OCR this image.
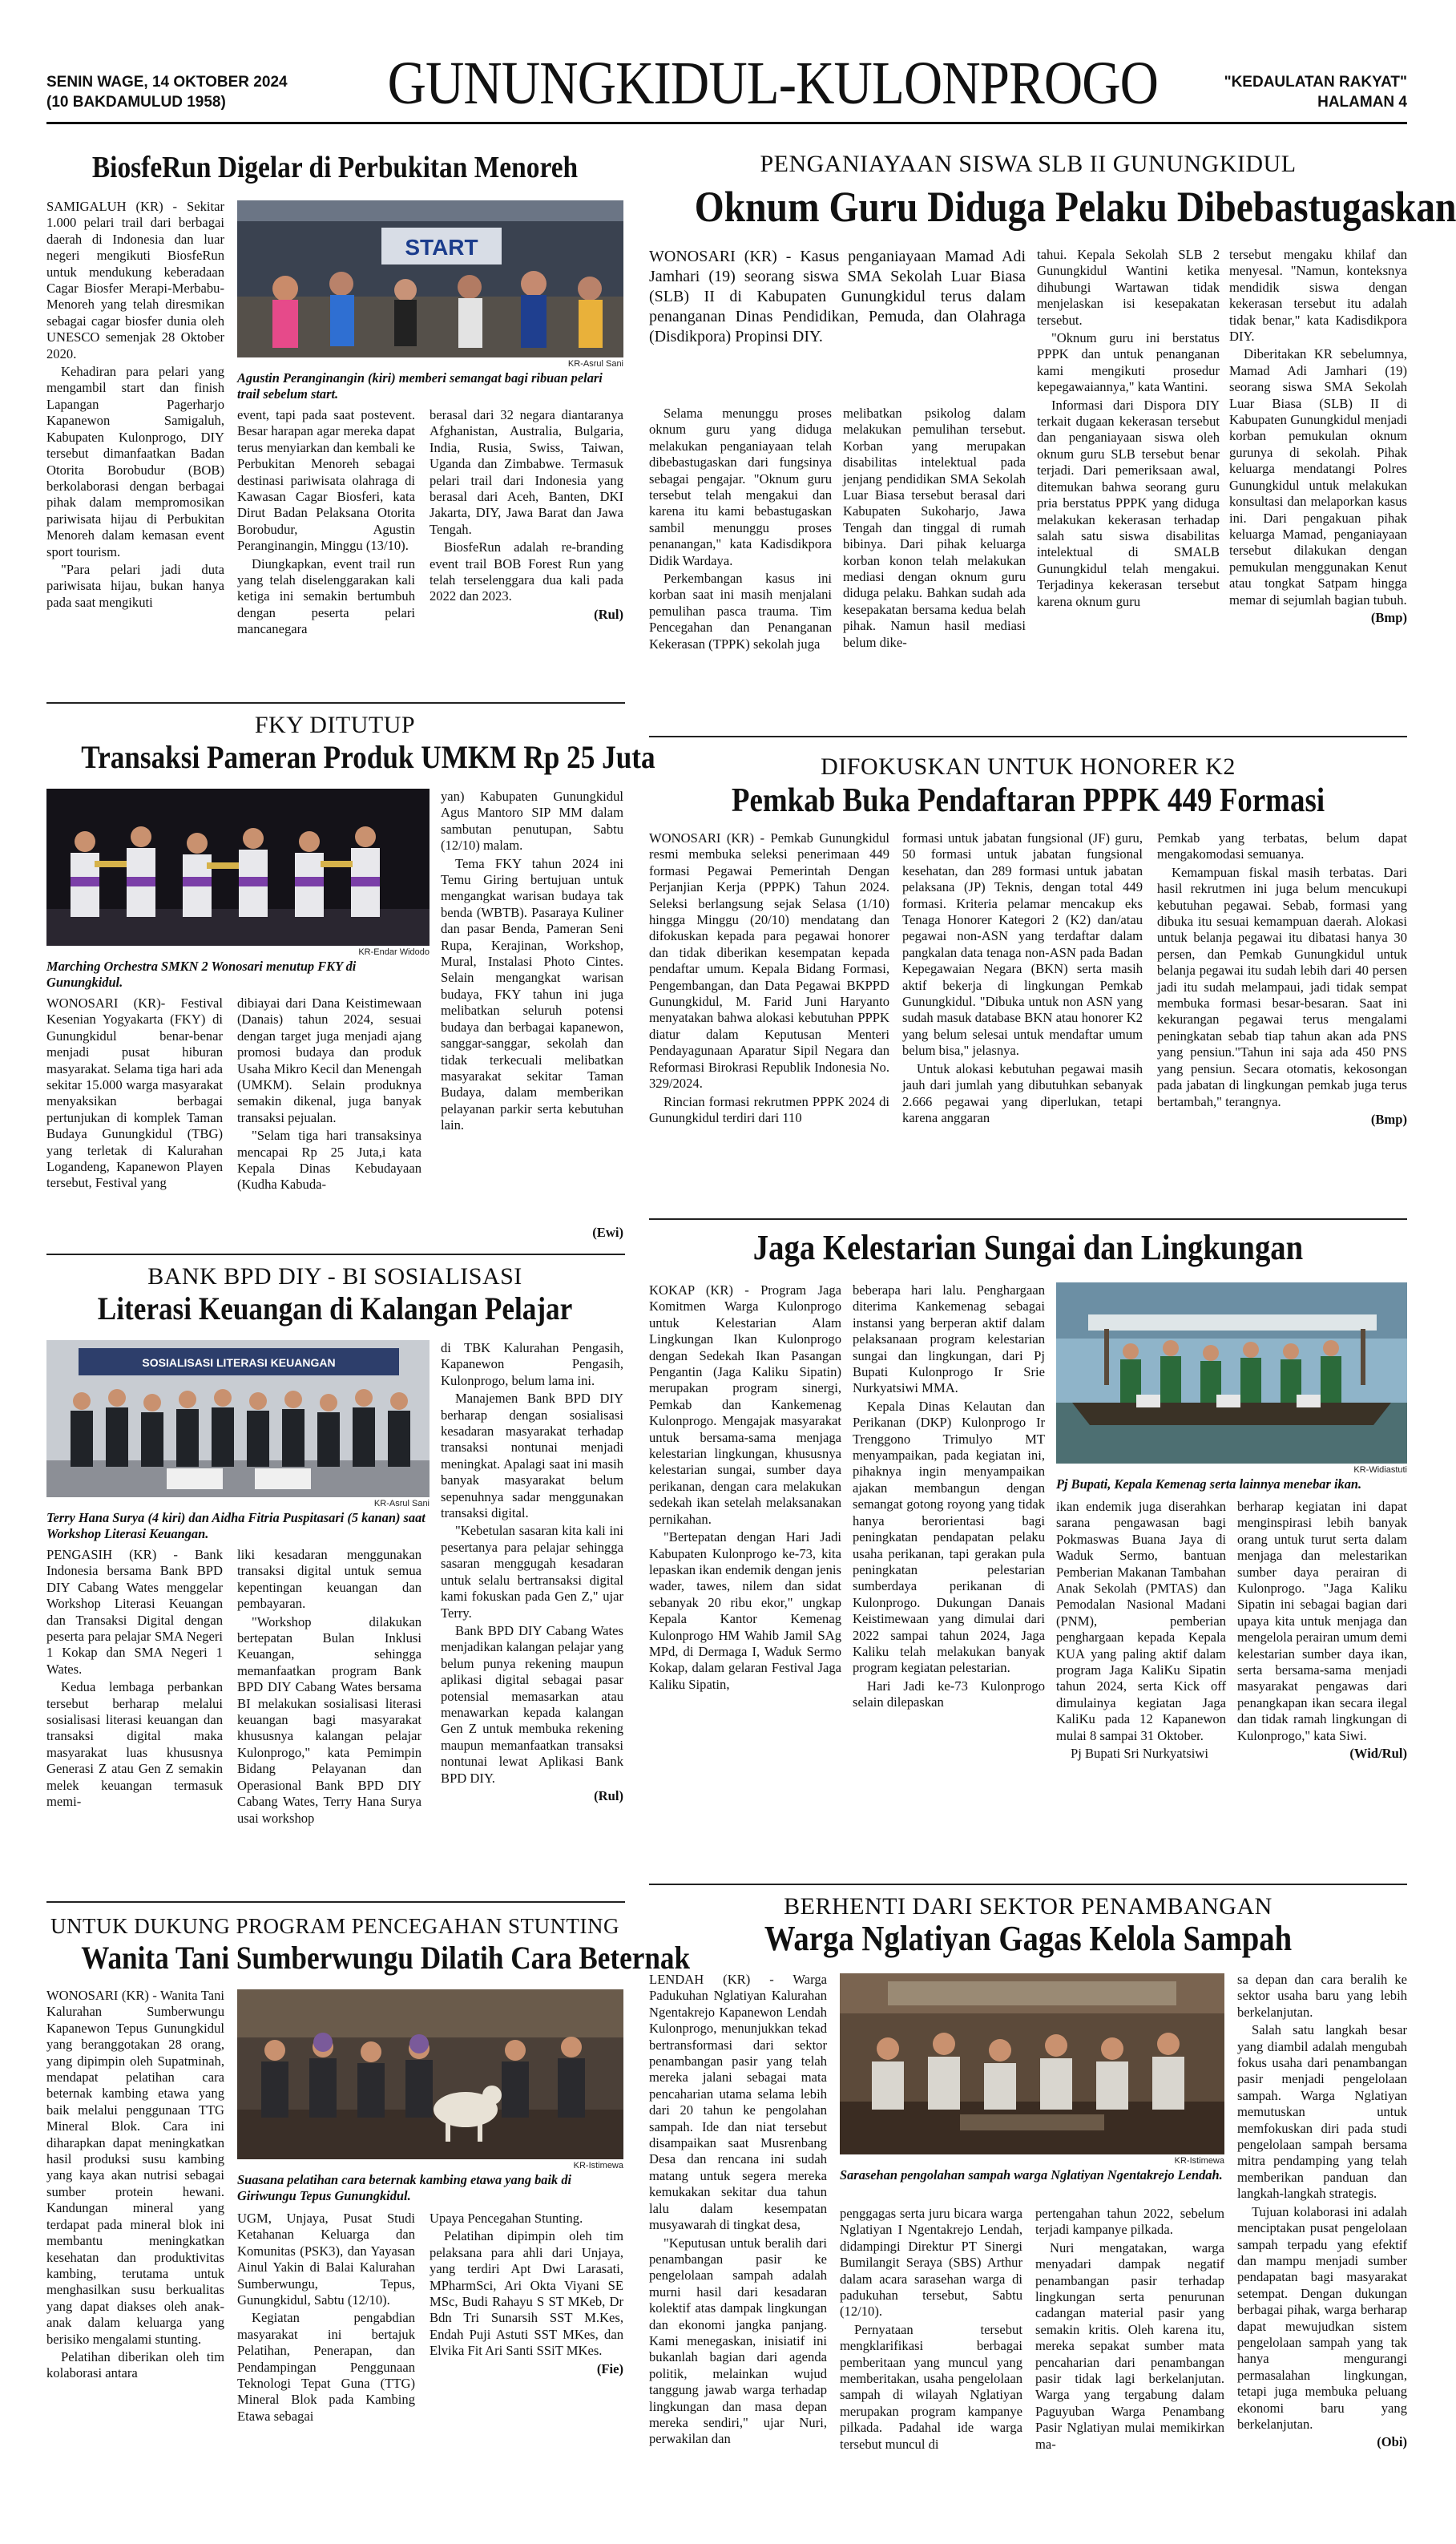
SENIN WAGE, 14 OKTOBER 2024
(10 BAKDAMULUD 1958)	GUNUNGKIDUL-KULONPROGO	"KEDAULATAN RAKYAT"
HALAMAN 4
BiosfeRun Digelar di Perbukitan Menoreh

SAMIGALUH (KR) - Sekitar 1.000 pelari trail dari berbagai daerah di Indonesia dan luar negeri mengikuti BiosfeRun untuk mendukung keberadaan Cagar Biosfer Merapi-Merbabu-Menoreh yang telah diresmikan sebagai cagar biosfer dunia oleh UNESCO semenjak 28 Oktober 2020.

Kehadiran para pelari yang mengambil start dan finish Lapangan Pagerharjo Kapanewon Samigaluh, Kabupaten Kulonprogo, DIY tersebut dimanfaatkan Badan Otorita Borobudur (BOB) berkolaborasi dengan berbagai pihak dalam mempromosikan pariwisata hijau di Perbukitan Menoreh dalam kemasan event sport tourism.

"Para pelari jadi duta pariwisata hijau, bukan hanya pada saat mengikuti

START
KR-Asrul Sani
Agustin Peranginangin (kiri) memberi semangat bagi ribuan pelari trail sebelum start.

event, tapi pada saat postevent. Besar harapan agar mereka dapat terus menyiarkan dan kembali ke Perbukitan Menoreh sebagai destinasi pariwisata olahraga di Kawasan Cagar Biosferi, kata Dirut Badan Pelaksana Otorita Borobudur, Agustin Peranginangin, Minggu (13/10).

Diungkapkan, event trail run yang telah diselenggarakan kali ketiga ini semakin bertumbuh dengan peserta pelari mancanegara

berasal dari 32 negara diantaranya Afghanistan, Australia, Bulgaria, India, Rusia, Swiss, Taiwan, Uganda dan Zimbabwe. Termasuk pelari trail dari Indonesia yang berasal dari Aceh, Banten, DKI Jakarta, DIY, Jawa Barat dan Jawa Tengah.

BiosfeRun adalah re-branding event trail BOB Forest Run yang telah terselenggara dua kali pada 2022 dan 2023.

(Rul)
PENGANIAYAAN SISWA SLB II GUNUNGKIDUL
Oknum Guru Diduga Pelaku Dibebastugaskan
WONOSARI (KR) - Kasus penganiayaan Mamad Adi Jamhari (19) seorang siswa SMA Sekolah Luar Biasa (SLB) II di Kabupaten Gunungkidul terus dalam penanganan Dinas Pendidikan, Pemuda, dan Olahraga (Disdikpora) Propinsi DIY.

Selama menunggu proses oknum guru yang diduga melakukan penganiayaan telah dibebastugaskan dari fungsinya sebagai pengajar. "Oknum guru tersebut telah mengakui dan karena itu kami bebastugaskan sambil menunggu proses penanangan," kata Kadisdikpora Didik Wardaya.

Perkembangan kasus ini korban saat ini masih menjalani pemulihan pasca trauma. Tim Pencegahan dan Penanganan Kekerasan (TPPK) sekolah juga

melibatkan psikolog dalam melakukan pemulihan tersebut. Korban yang merupakan disabilitas intelektual pada jenjang pendidikan SMA Sekolah Luar Biasa tersebut berasal dari Kabupaten Sukoharjo, Jawa Tengah dan tinggal di rumah bibinya. Dari pihak keluarga korban konon telah melakukan mediasi dengan oknum guru diduga pelaku. Bahkan sudah ada kesepakatan bersama kedua belah pihak. Namun hasil mediasi belum dike-

tahui. Kepala Sekolah SLB 2 Gunungkidul Wantini ketika dihubungi Wartawan tidak menjelaskan isi kesepakatan tersebut.

"Oknum guru ini berstatus PPPK dan untuk penanganan kami mengikuti prosedur kepegawaiannya," kata Wantini.

Informasi dari Dispora DIY terkait dugaan kekerasan tersebut dan penganiayaan siswa oleh oknum guru SLB tersebut benar terjadi. Dari pemeriksaan awal, ditemukan bahwa seorang guru pria berstatus PPPK yang diduga melakukan kekerasan terhadap salah satu siswa disabilitas intelektual di SMALB Gunungkidul telah mengakui. Terjadinya kekerasan tersebut karena oknum guru

tersebut mengaku khilaf dan menyesal. "Namun, konteksnya mendidik siswa dengan kekerasan tersebut itu adalah tidak benar," kata Kadisdikpora DIY.

Diberitakan KR sebelumnya, Mamad Adi Jamhari (19) seorang siswa SMA Sekolah Luar Biasa (SLB) II di Kabupaten Gunungkidul menjadi korban pemukulan oknum gurunya di sekolah. Pihak keluarga mendatangi Polres Gunungkidul untuk melakukan konsultasi dan melaporkan kasus ini. Dari pengakuan pihak keluarga Mamad, penganiayaan tersebut dilakukan dengan pemukulan menggunakan Kenut atau tongkat Satpam hingga memar di sejumlah bagian tubuh.

(Bmp)
FKY DITUTUP
Transaksi Pameran Produk UMKM Rp 25 Juta
KR-Endar Widodo
Marching Orchestra SMKN 2 Wonosari menutup FKY di Gunungkidul.

yan) Kabupaten Gunungkidul Agus Mantoro SIP MM dalam sambutan penutupan, Sabtu (12/10) malam.

Tema FKY tahun 2024 ini Temu Giring bertujuan untuk mengangkat warisan budaya tak benda (WBTB). Pasaraya Kuliner dan pasar Benda, Pameran Seni Rupa, Kerajinan, Workshop, Mural, Instalasi Photo Cintes. Selain mengangkat warisan budaya, FKY tahun ini juga melibatkan seluruh potensi budaya dan berbagai kapanewon, sanggar-sanggar, sekolah dan tidak terkecuali melibatkan masyarakat sekitar Taman Budaya, dalam memberikan pelayanan parkir serta kebutuhan lain.

WONOSARI (KR)- Festival Kesenian Yogyakarta (FKY) di Gunungkidul benar-benar menjadi pusat hiburan masyarakat. Selama tiga hari ada sekitar 15.000 warga masyarakat menyaksikan berbagai pertunjukan di komplek Taman Budaya Gunungkidul (TBG) yang terletak di Kalurahan Logandeng, Kapanewon Playen tersebut, Festival yang

dibiayai dari Dana Keistimewaan (Danais) tahun 2024, sesuai dengan target juga menjadi ajang promosi budaya dan produk Usaha Mikro Kecil dan Menengah (UMKM). Selain produknya semakin dikenal, juga banyak transaksi pejualan.

"Selam tiga hari transaksinya mencapai Rp 25 Juta,i kata Kepala Dinas Kebudayaan (Kudha Kabuda-

(Ewi)
DIFOKUSKAN UNTUK HONORER K2
Pemkab Buka Pendaftaran PPPK 449 Formasi

WONOSARI (KR) - Pemkab Gunungkidul resmi membuka seleksi penerimaan 449 formasi Pegawai Pemerintah Dengan Perjanjian Kerja (PPPK) Tahun 2024. Seleksi berlangsung sejak Selasa (1/10) hingga Minggu (20/10) mendatang dan difokuskan kepada para pegawai honorer dan tidak diberikan kesempatan kepada pendaftar umum. Kepala Bidang Formasi, Pengembangan, dan Data Pegawai BKPPD Gunungkidul, M. Farid Juni Haryanto menyatakan bahwa alokasi kebutuhan PPPK diatur dalam Keputusan Menteri Pendayagunaan Aparatur Sipil Negara dan Reformasi Birokrasi Republik Indonesia No. 329/2024.

Rincian formasi rekrutmen PPPK 2024 di Gunungkidul terdiri dari 110

formasi untuk jabatan fungsional (JF) guru, 50 formasi untuk jabatan fungsional kesehatan, dan 289 formasi untuk jabatan pelaksana (JP) Teknis, dengan total 449 formasi. Kriteria pelamar mencakup eks Tenaga Honorer Kategori 2 (K2) dan/atau pegawai non-ASN yang terdaftar dalam pangkalan data tenaga non-ASN pada Badan Kepegawaian Negara (BKN) serta masih aktif bekerja di lingkungan Pemkab Gunungkidul. "Dibuka untuk non ASN yang sudah masuk database BKN atau honorer K2 yang belum selesai untuk mendaftar umum belum bisa," jelasnya.

Untuk alokasi kebutuhan pegawai masih jauh dari jumlah yang dibutuhkan sebanyak 2.666 pegawai yang diperlukan, tetapi karena anggaran

Pemkab yang terbatas, belum dapat mengakomodasi semuanya.

Kemampuan fiskal masih terbatas. Dari hasil rekrutmen ini juga belum mencukupi kebutuhan pegawai. Sebab, formasi yang dibuka itu sesuai kemampuan daerah. Alokasi untuk belanja pegawai itu dibatasi hanya 30 persen, dan Pemkab Gunungkidul untuk belanja pegawai itu sudah lebih dari 40 persen jadi itu sudah melampaui, jadi tidak sempat membuka formasi besar-besaran. Saat ini kekurangan pegawai terus mengalami peningkatan sebab tiap tahun akan ada PNS yang pensiun."Tahun ini saja ada 450 PNS yang pensiun. Secara otomatis, kekosongan pada jabatan di lingkungan pemkab juga terus bertambah," terangnya.

(Bmp)
BANK BPD DIY - BI SOSIALISASI
Literasi Keuangan di Kalangan Pelajar
SOSIALISASI LITERASI KEUANGAN
KR-Asrul Sani
Terry Hana Surya (4 kiri) dan Aidha Fitria Puspitasari (5 kanan) saat Workshop Literasi Keuangan.

di TBK Kalurahan Pengasih, Kapanewon Pengasih, Kulonprogo, belum lama ini.

Manajemen Bank BPD DIY berharap dengan sosialisasi kesadaran masyarakat terhadap transaksi nontunai menjadi meningkat. Apalagi saat ini masih banyak masyarakat belum sepenuhnya sadar menggunakan transaksi digital.

"Kebetulan sasaran kita kali ini pesertanya para pelajar sehingga sasaran menggugah kesadaran untuk selalu bertransaksi digital kami fokuskan pada Gen Z," ujar Terry.

Bank BPD DIY Cabang Wates menjadikan kalangan pelajar yang belum punya rekening maupun aplikasi digital sebagai pasar potensial memasarkan atau menawarkan kepada kalangan Gen Z untuk membuka rekening maupun memanfaatkan transaksi nontunai lewat Aplikasi Bank BPD DIY.

(Rul)

PENGASIH (KR) - Bank Indonesia bersama Bank BPD DIY Cabang Wates menggelar Workshop Literasi Keuangan dan Transaksi Digital dengan peserta para pelajar SMA Negeri 1 Kokap dan SMA Negeri 1 Wates.

Kedua lembaga perbankan tersebut berharap melalui sosialisasi literasi keuangan dan transaksi digital maka masyarakat luas khususnya Generasi Z atau Gen Z semakin melek keuangan termasuk memi-

liki kesadaran menggunakan transaksi digital untuk semua kepentingan keuangan dan pembayaran.

"Workshop dilakukan bertepatan Bulan Inklusi Keuangan, sehingga memanfaatkan program Bank BPD DIY Cabang Wates bersama BI melakukan sosialisasi literasi keuangan bagi masyarakat khususnya kalangan pelajar Kulonprogo," kata Pemimpin Bidang Pelayanan dan Operasional Bank BPD DIY Cabang Wates, Terry Hana Surya usai workshop

Jaga Kelestarian Sungai dan Lingkungan

KOKAP (KR) - Program Jaga Komitmen Warga Kulonprogo untuk Kelestarian Alam Lingkungan Ikan Kulonprogo dengan Sedekah Ikan Pasangan Pengantin (Jaga Kaliku Sipatin) merupakan program sinergi, Pemkab dan Kankemenag Kulonprogo. Mengajak masyarakat untuk bersama-sama menjaga kelestarian lingkungan, khususnya kelestarian sungai, sumber daya perikanan, dengan cara melakukan sedekah ikan setelah melaksanakan pernikahan.

"Bertepatan dengan Hari Jadi Kabupaten Kulonprogo ke-73, kita lepaskan ikan endemik dengan jenis wader, tawes, nilem dan sidat sebanyak 20 ribu ekor," ungkap Kepala Kantor Kemenag Kulonprogo HM Wahib Jamil SAg MPd, di Dermaga I, Waduk Sermo Kokap, dalam gelaran Festival Jaga Kaliku Sipatin,

beberapa hari lalu. Penghargaan diterima Kankemenag sebagai instansi yang berperan aktif dalam pelaksanaan program kelestarian sungai dan lingkungan, dari Pj Bupati Kulonprogo Ir Srie Nurkyatsiwi MMA.

Kepala Dinas Kelautan dan Perikanan (DKP) Kulonprogo Ir Trenggono Trimulyo MT menyampaikan, pada kegiatan ini, pihaknya ingin menyampaikan ajakan membangun dengan semangat gotong royong yang tidak hanya berorientasi bagi peningkatan pendapatan pelaku usaha perikanan, tapi gerakan pula peningkatan pelestarian sumberdaya perikanan di Kulonprogo. Dukungan Danais Keistimewaan yang dimulai dari 2022 sampai tahun 2024, Jaga Kaliku telah melakukan banyak program kegiatan pelestarian.

Hari Jadi ke-73 Kulonprogo selain dilepaskan

KR-Widiastuti
Pj Bupati, Kepala Kemenag serta lainnya menebar ikan.

ikan endemik juga diserahkan sarana pengawasan bagi Pokmaswas Buana Jaya di Waduk Sermo, bantuan Pemberian Makanan Tambahan Anak Sekolah (PMTAS) dan Pemodalan Nasional Madani (PNM), pemberian penghargaan kepada Kepala KUA yang paling aktif dalam program Jaga KaliKu Sipatin tahun 2024, serta Kick off dimulainya kegiatan Jaga KaliKu pada 12 Kapanewon mulai 8 sampai 31 Oktober.

Pj Bupati Sri Nurkyatsiwi

berharap kegiatan ini dapat menginspirasi lebih banyak orang untuk turut serta dalam menjaga dan melestarikan sumber daya perairan di Kulonprogo. "Jaga Kaliku Sipatin ini sebagai bagian dari upaya kita untuk menjaga dan mengelola perairan umum demi kelestarian sumber daya ikan, serta bersama-sama menjadi masyarakat pengawas dari penangkapan ikan secara ilegal dan tidak ramah lingkungan di Kulonprogo," kata Siwi.

(Wid/Rul)
UNTUK DUKUNG PROGRAM PENCEGAHAN STUNTING
Wanita Tani Sumberwungu Dilatih Cara Beternak

WONOSARI (KR) - Wanita Tani Kalurahan Sumberwungu Kapanewon Tepus Gunungkidul yang beranggotakan 28 orang, yang dipimpin oleh Supatminah, mendapat pelatihan cara beternak kambing etawa yang baik melalui penggunaan TTG Mineral Blok. Cara ini diharapkan dapat meningkatkan hasil produksi susu kambing yang kaya akan nutrisi sebagai sumber protein hewani. Kandungan mineral yang terdapat pada mineral blok ini membantu meningkatkan kesehatan dan produktivitas kambing, terutama untuk menghasilkan susu berkualitas yang dapat diakses oleh anak-anak dalam keluarga yang berisiko mengalami stunting.

Pelatihan diberikan oleh tim kolaborasi antara

KR-Istimewa
Suasana pelatihan cara beternak kambing etawa yang baik di Giriwungu Tepus Gunungkidul.

UGM, Unjaya, Pusat Studi Ketahanan Keluarga dan Komunitas (PSK3), dan Yayasan Ainul Yakin di Balai Kalurahan Sumberwungu, Tepus, Gunungkidul, Sabtu (12/10).

Kegiatan pengabdian masyarakat ini bertajuk Pelatihan, Penerapan, dan Pendampingan Penggunaan Teknologi Tepat Guna (TTG) Mineral Blok pada Kambing Etawa sebagai

Upaya Pencegahan Stunting.

Pelatihan dipimpin oleh tim pelaksana para ahli dari Unjaya, yang terdiri Apt Dwi Larasati, MPharmSci, Ari Okta Viyani SE MSc, Budi Rahayu S ST MKeb, Dr Bdn Tri Sunarsih SST M.Kes, Endah Puji Astuti SST MKes, dan Elvika Fit Ari Santi SSiT MKes.

(Fie)
BERHENTI DARI SEKTOR PENAMBANGAN
Warga Nglatiyan Gagas Kelola Sampah

LENDAH (KR) - Warga Padukuhan Nglatiyan Kalurahan Ngentakrejo Kapanewon Lendah Kulonprogo, menunjukkan tekad bertransformasi dari sektor penambangan pasir yang telah mereka jalani sebagai mata pencaharian utama selama lebih dari 20 tahun ke pengolahan sampah. Ide dan niat tersebut disampaikan saat Musrenbang Desa dan rencana ini sudah matang untuk segera mereka kemukakan sekitar dua tahun lalu dalam kesempatan musyawarah di tingkat desa,

"Keputusan untuk beralih dari penambangan pasir ke pengelolaan sampah adalah murni hasil dari kesadaran kolektif atas dampak lingkungan dan ekonomi jangka panjang. Kami menegaskan, inisiatif ini bukanlah bagian dari agenda politik, melainkan wujud tanggung jawab warga terhadap lingkungan dan masa depan mereka sendiri," ujar Nuri, perwakilan dan

KR-Istimewa
Sarasehan pengolahan sampah warga Nglatiyan Ngentakrejo Lendah.

penggagas serta juru bicara warga Nglatiyan I Ngentakrejo Lendah, didampingi Direktur PT Sinergi Bumilangit Seraya (SBS) Arthur dalam acara sarasehan warga di padukuhan tersebut, Sabtu (12/10).

Pernyataan tersebut mengklarifikasi berbagai pemberitaan yang muncul yang memberitakan, usaha pengelolaan sampah di wilayah Nglatiyan merupakan program kampanye pilkada. Padahal ide warga tersebut muncul di

pertengahan tahun 2022, sebelum terjadi kampanye pilkada.

Nuri mengatakan, warga menyadari dampak negatif penambangan pasir terhadap lingkungan serta penurunan cadangan material pasir yang semakin kritis. Oleh karena itu, mereka sepakat sumber mata pencaharian dari penambangan pasir tidak lagi berkelanjutan. Warga yang tergabung dalam Paguyuban Warga Penambang Pasir Nglatiyan mulai memikirkan ma-

sa depan dan cara beralih ke sektor usaha baru yang lebih berkelanjutan.

Salah satu langkah besar yang diambil adalah mengubah fokus usaha dari penambangan pasir menjadi pengelolaan sampah. Warga Nglatiyan memutuskan untuk memfokuskan diri pada studi pengelolaan sampah bersama mitra pendamping yang telah memberikan panduan dan langkah-langkah strategis.

Tujuan kolaborasi ini adalah menciptakan pusat pengelolaan sampah terpadu yang efektif dan mampu menjadi sumber pendapatan bagi masyarakat setempat. Dengan dukungan berbagai pihak, warga berharap dapat mewujudkan sistem pengelolaan sampah yang tak hanya mengurangi permasalahan lingkungan, tetapi juga membuka peluang ekonomi baru yang berkelanjutan.

(Obi)
